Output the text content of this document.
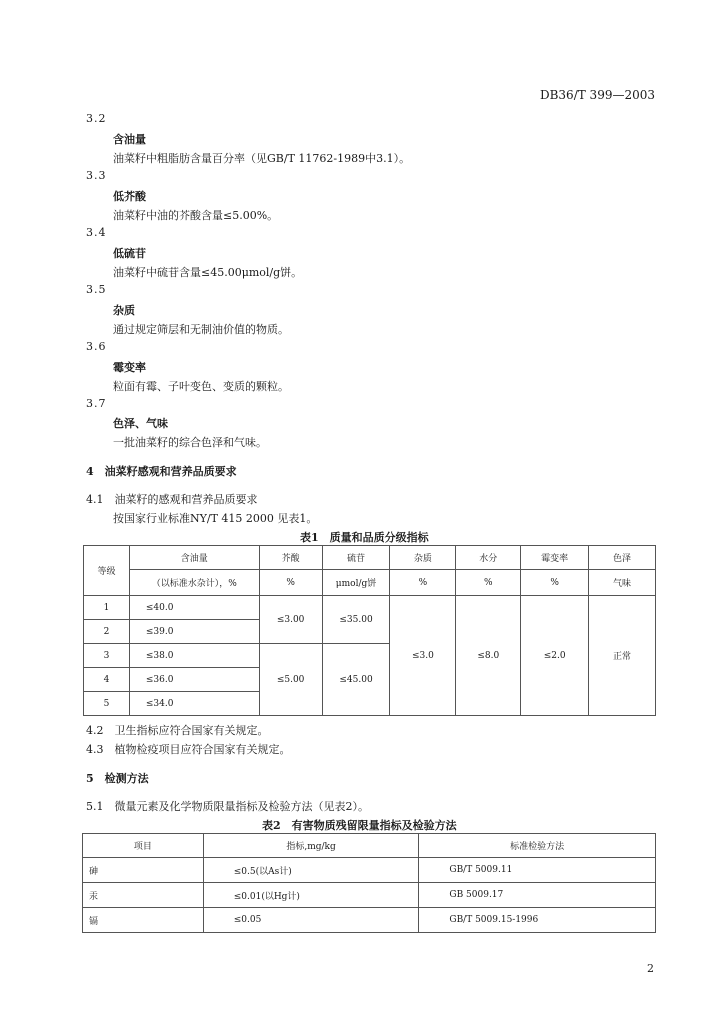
DB36/T 399—2003
3.2
含油量
油菜籽中粗脂肪含量百分率（见GB/T 11762-1989中3.1）。
3.3
低芥酸
油菜籽中油的芥酸含量≤5.00%。
3.4
低硫苷
油菜籽中硫苷含量≤45.00μmol/g饼。
3.5
杂质
通过规定筛层和无制油价值的物质。
3.6
霉变率
粒面有霉、子叶变色、变质的颗粒。
3.7
色泽、气味
一批油菜籽的综合色泽和气味。
4　油菜籽感观和营养品质要求
4.1　油菜籽的感观和营养品质要求
按国家行业标准NY/T 415 2000 见表1。
表1　质量和品质分级指标
等级	含油量	芥酸	硫苷	杂质	水分	霉变率	色泽
	（以标准水杂计），%	%	μmol/g饼	%	%	%	气味
1	≤40.0	≤3.00	≤35.00	≤3.0	≤8.0	≤2.0	正常
2	≤39.0						
3	≤38.0	≤5.00	≤45.00				
4	≤36.0						
5	≤34.0						
4.2　卫生指标应符合国家有关规定。
4.3　植物检疫项目应符合国家有关规定。
5　检测方法
5.1　微量元素及化学物质限量指标及检验方法（见表2）。
表2　有害物质残留限量指标及检验方法
项目	指标,mg/kg	标准检验方法
砷	≤0.5(以As计)	GB/T 5009.11
汞	≤0.01(以Hg计)	GB 5009.17
镉	≤0.05	GB/T 5009.15-1996
2
